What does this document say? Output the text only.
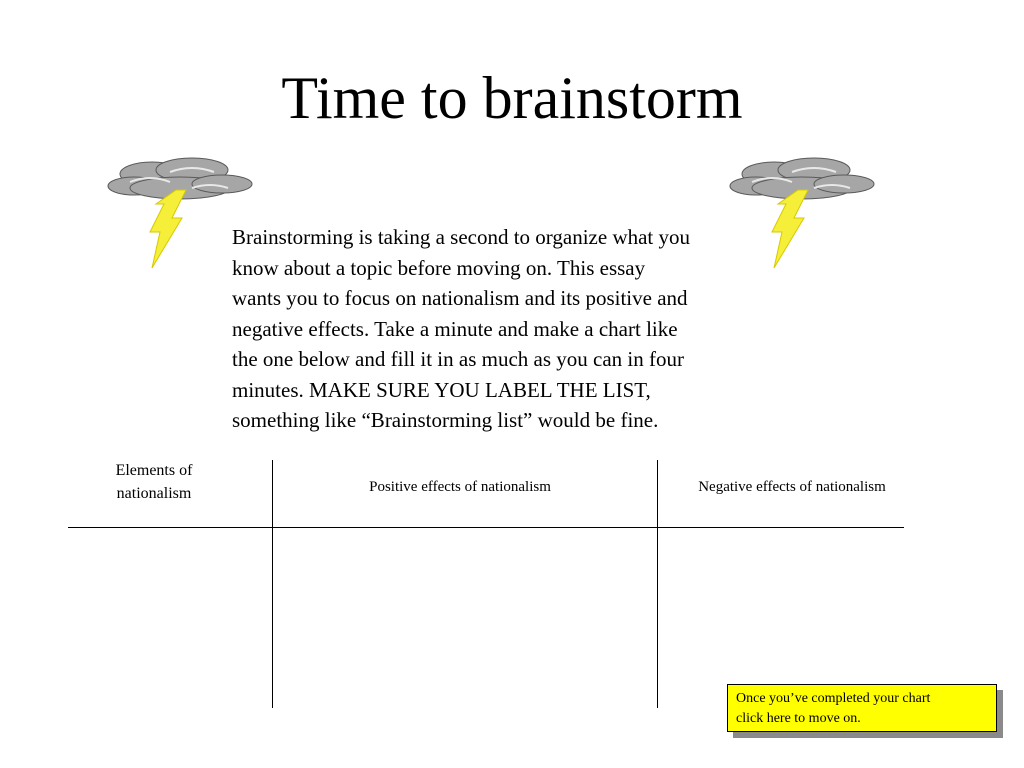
Time to brainstorm

Brainstorming is taking a second to organize what you

know about a topic before moving on. This essay

wants you to focus on nationalism and its positive and

negative effects. Take a minute and make a chart like

the one below and fill it in as much as you can in four

minutes. MAKE SURE YOU LABEL THE LIST,

something like “Brainstorming list” would be fine.

Elements of
nationalism	Positive effects of nationalism	Negative effects of nationalism
Once you’ve completed your chart
click here to move on.
